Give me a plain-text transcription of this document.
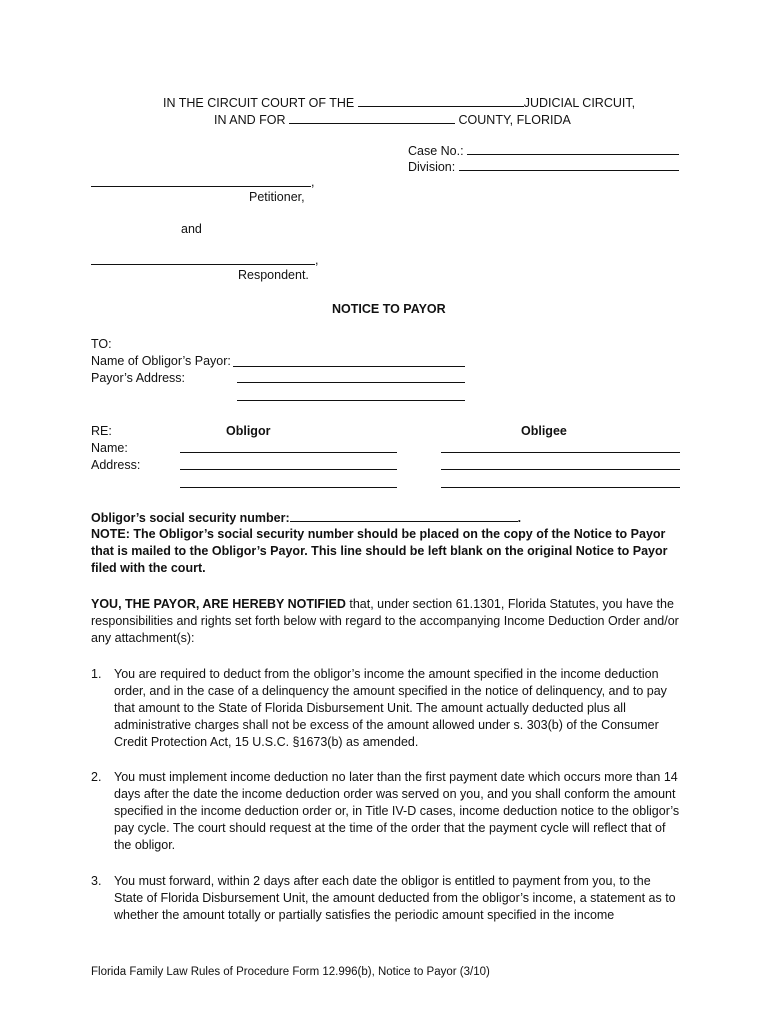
IN THE CIRCUIT COURT OF THE	JUDICIAL CIRCUIT,
IN AND FOR	COUNTY, FLORIDA
Case No.:
Division:
,
Petitioner,
and
,
Respondent.
NOTICE TO PAYOR
TO:
Name of Obligor’s Payor:
Payor’s Address:
RE:	Obligor	Obligee
Name:
Address:
Obligor’s social security number:	.
NOTE: The Obligor’s social security number should be placed on the copy of the Notice to Payor that is mailed to the Obligor’s Payor. This line should be left blank on the original Notice to Payor filed with the court.
YOU, THE PAYOR, ARE HEREBY NOTIFIED that, under section 61.1301, Florida Statutes, you have the responsibilities and rights set forth below with regard to the accompanying Income Deduction Order and/or any attachment(s):
1. You are required to deduct from the obligor’s income the amount specified in the income deduction order, and in the case of a delinquency the amount specified in the notice of delinquency, and to pay that amount to the State of Florida Disbursement Unit. The amount actually deducted plus all administrative charges shall not be excess of the amount allowed under s. 303(b) of the Consumer Credit Protection Act, 15 U.S.C. §1673(b) as amended.
2. You must implement income deduction no later than the first payment date which occurs more than 14 days after the date the income deduction order was served on you, and you shall conform the amount specified in the income deduction order or, in Title IV-D cases, income deduction notice to the obligor’s pay cycle. The court should request at the time of the order that the payment cycle will reflect that of the obligor.
3. You must forward, within 2 days after each date the obligor is entitled to payment from you, to the State of Florida Disbursement Unit, the amount deducted from the obligor’s income, a statement as to whether the amount totally or partially satisfies the periodic amount specified in the income
Florida Family Law Rules of Procedure Form 12.996(b), Notice to Payor (3/10)
